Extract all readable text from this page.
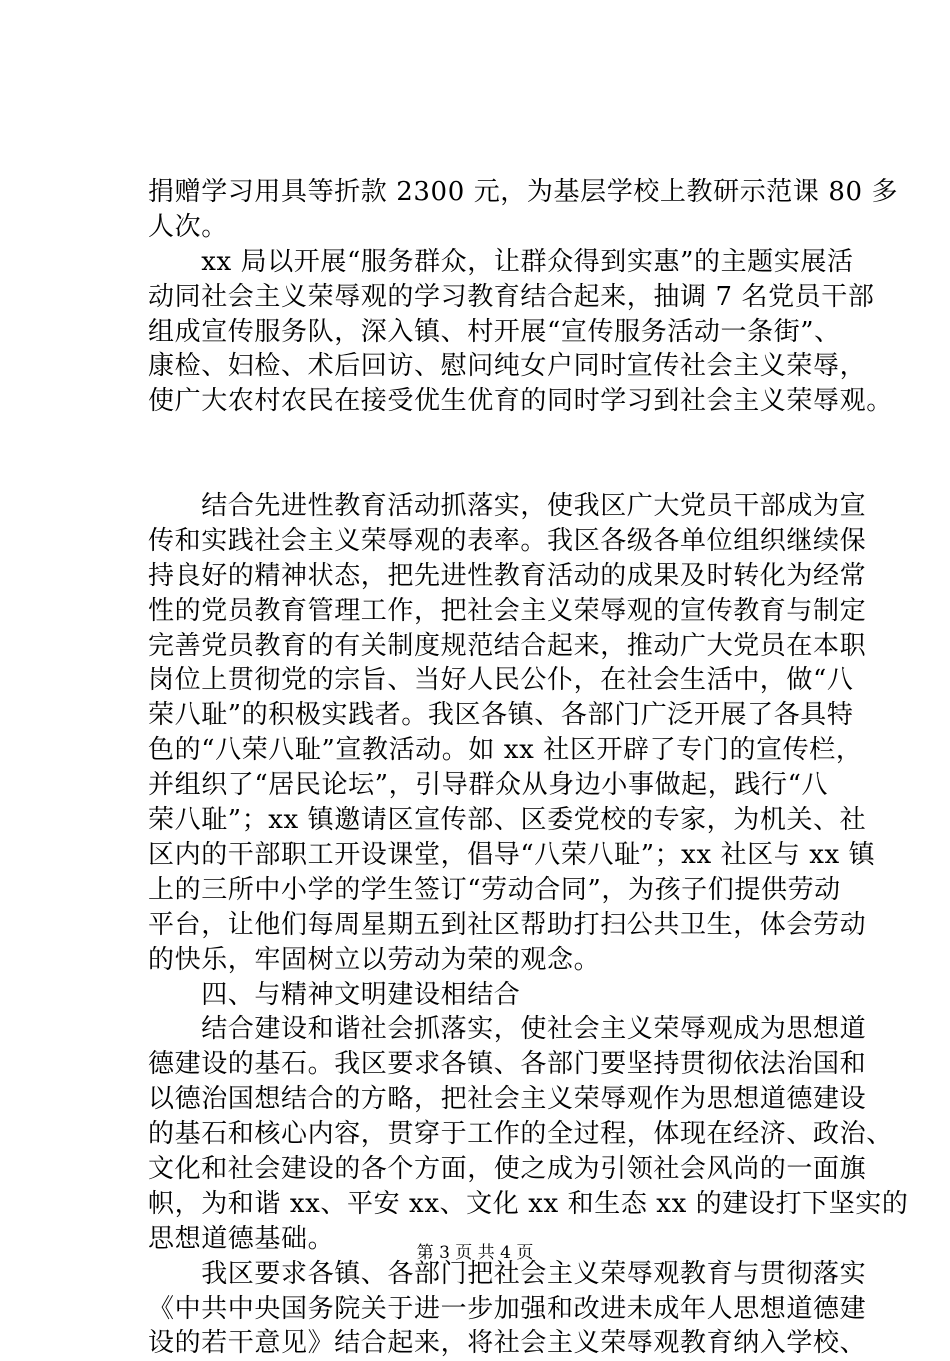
捐赠学习用具等折款 2300 元，为基层学校上教研示范课 80 多
人次。
　　xx 局以开展“服务群众，让群众得到实惠”的主题实展活
动同社会主义荣辱观的学习教育结合起来，抽调 7 名党员干部
组成宣传服务队，深入镇、村开展“宣传服务活动一条街”、
康检、妇检、术后回访、慰问纯女户同时宣传社会主义荣辱，
使广大农村农民在接受优生优育的同时学习到社会主义荣辱观。
　　结合先进性教育活动抓落实，使我区广大党员干部成为宣
传和实践社会主义荣辱观的表率。我区各级各单位组织继续保
持良好的精神状态，把先进性教育活动的成果及时转化为经常
性的党员教育管理工作，把社会主义荣辱观的宣传教育与制定
完善党员教育的有关制度规范结合起来，推动广大党员在本职
岗位上贯彻党的宗旨、当好人民公仆，在社会生活中，做“八
荣八耻”的积极实践者。我区各镇、各部门广泛开展了各具特
色的“八荣八耻”宣教活动。如 xx 社区开辟了专门的宣传栏，
并组织了“居民论坛”，引导群众从身边小事做起，践行“八
荣八耻”；xx 镇邀请区宣传部、区委党校的专家，为机关、社
区内的干部职工开设课堂，倡导“八荣八耻”；xx 社区与 xx 镇
上的三所中小学的学生签订“劳动合同”，为孩子们提供劳动
平台，让他们每周星期五到社区帮助打扫公共卫生，体会劳动
的快乐，牢固树立以劳动为荣的观念。
　　四、与精神文明建设相结合
　　结合建设和谐社会抓落实，使社会主义荣辱观成为思想道
德建设的基石。我区要求各镇、各部门要坚持贯彻依法治国和
以德治国想结合的方略，把社会主义荣辱观作为思想道德建设
的基石和核心内容，贯穿于工作的全过程，体现在经济、政治、
文化和社会建设的各个方面，使之成为引领社会风尚的一面旗
帜，为和谐 xx、平安 xx、文化 xx 和生态 xx 的建设打下坚实的
思想道德基础。
　　我区要求各镇、各部门把社会主义荣辱观教育与贯彻落实
《中共中央国务院关于进一步加强和改进未成年人思想道德建
设的若干意见》结合起来，将社会主义荣辱观教育纳入学校、
第 3 页 共 4 页
